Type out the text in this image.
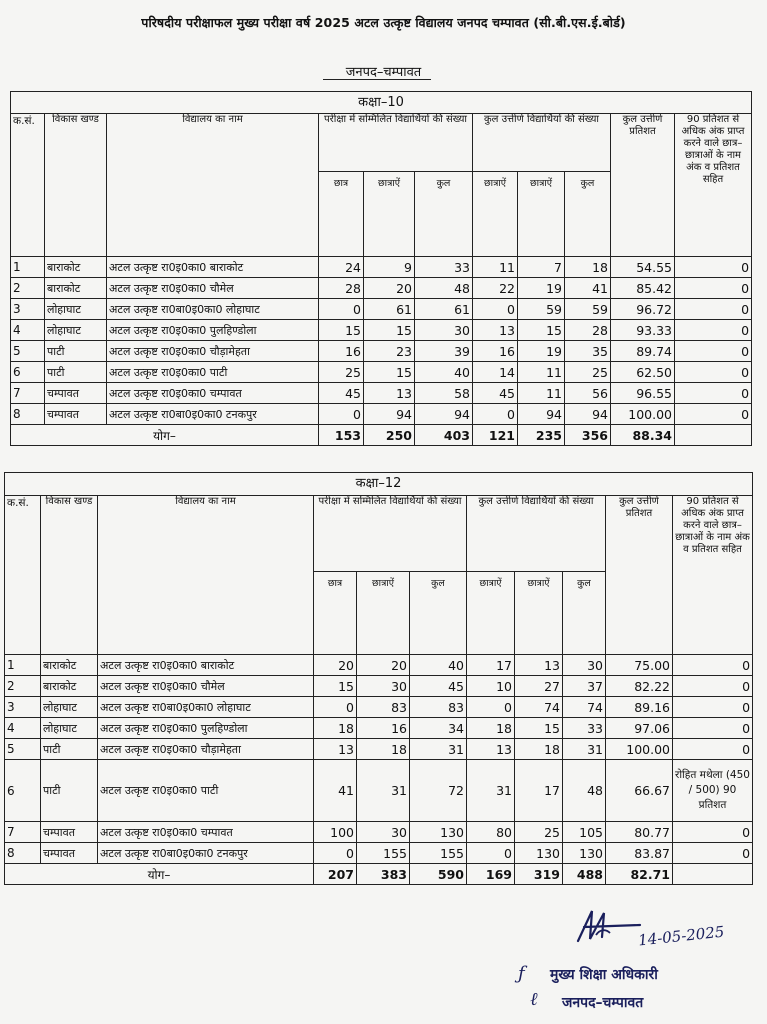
परिषदीय परीक्षाफल मुख्य परीक्षा वर्ष 2025 अटल उत्कृष्ट विद्यालय जनपद चम्पावत (सी.बी.एस.ई.बोर्ड)
जनपद–चम्पावत
कक्षा–10										
क.सं.	विकास खण्ड	विद्यालय का नाम	परीक्षा में सम्मिलित विद्यार्थियों की संख्या			कुल उत्तीर्ण विद्यार्थियों की संख्या			कुल उत्तीर्ण प्रतिशत	90 प्रतिशत से अधिक अंक प्राप्त करने वाले छात्र–छात्राओं के नाम अंक व प्रतिशत सहित
			छात्र	छात्राऐं	कुल	छात्राऐं	छात्राऐं	कुल		
1	बाराकोट	अटल उत्कृष्ट रा0इ0का0 बाराकोट	24	9	33	11	7	18	54.55	0
2	बाराकोट	अटल उत्कृष्ट रा0इ0का0 चौमेल	28	20	48	22	19	41	85.42	0
3	लोहाघाट	अटल उत्कृष्ट रा0बा0इ0का0 लोहाघाट	0	61	61	0	59	59	96.72	0
4	लोहाघाट	अटल उत्कृष्ट रा0इ0का0 पुलहिण्डोला	15	15	30	13	15	28	93.33	0
5	पाटी	अटल उत्कृष्ट रा0इ0का0 चौड़ामेहता	16	23	39	16	19	35	89.74	0
6	पाटी	अटल उत्कृष्ट रा0इ0का0 पाटी	25	15	40	14	11	25	62.50	0
7	चम्पावत	अटल उत्कृष्ट रा0इ0का0 चम्पावत	45	13	58	45	11	56	96.55	0
8	चम्पावत	अटल उत्कृष्ट रा0बा0इ0का0 टनकपुर	0	94	94	0	94	94	100.00	0
योग–			153	250	403	121	235	356	88.34	
कक्षा–12										
क.सं.	विकास खण्ड	विद्यालय का नाम	परीक्षा में सम्मिलित विद्यार्थियों की संख्या			कुल उत्तीर्ण विद्यार्थियों की संख्या			कुल उत्तीर्ण प्रतिशत	90 प्रतिशत से अधिक अंक प्राप्त करने वाले छात्र–छात्राओं के नाम अंक व प्रतिशत सहित
			छात्र	छात्राऐं	कुल	छात्राऐं	छात्राऐं	कुल		
1	बाराकोट	अटल उत्कृष्ट रा0इ0का0 बाराकोट	20	20	40	17	13	30	75.00	0
2	बाराकोट	अटल उत्कृष्ट रा0इ0का0 चौमेल	15	30	45	10	27	37	82.22	0
3	लोहाघाट	अटल उत्कृष्ट रा0बा0इ0का0 लोहाघाट	0	83	83	0	74	74	89.16	0
4	लोहाघाट	अटल उत्कृष्ट रा0इ0का0 पुलहिण्डोला	18	16	34	18	15	33	97.06	0
5	पाटी	अटल उत्कृष्ट रा0इ0का0 चौड़ामेहता	13	18	31	13	18	31	100.00	0
6	पाटी	अटल उत्कृष्ट रा0इ0का0 पाटी	41	31	72	31	17	48	66.67	रोहित मथेला (450 / 500) 90 प्रतिशत
7	चम्पावत	अटल उत्कृष्ट रा0इ0का0 चम्पावत	100	30	130	80	25	105	80.77	0
8	चम्पावत	अटल उत्कृष्ट रा0बा0इ0का0 टनकपुर	0	155	155	0	130	130	83.87	0
योग–			207	383	590	169	319	488	82.71	
14-05-2025
ƒ
ℓ
मुख्य शिक्षा अधिकारी
जनपद–चम्पावत
